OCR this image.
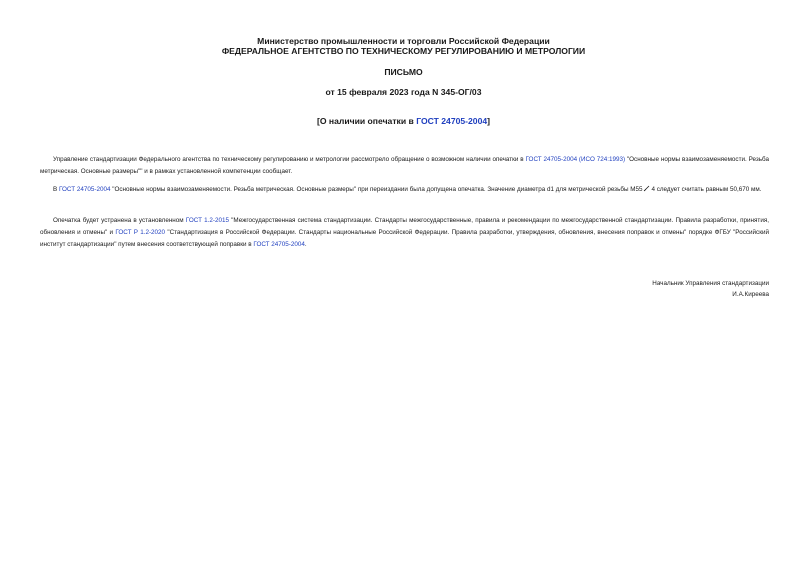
Министерство промышленности и торговли Российской Федерации
ФЕДЕРАЛЬНОЕ АГЕНТСТВО ПО ТЕХНИЧЕСКОМУ РЕГУЛИРОВАНИЮ И МЕТРОЛОГИИ
ПИСЬМО
от 15 февраля 2023 года N 345-ОГ/03
[О наличии опечатки в ГОСТ 24705-2004]
Управление стандартизации Федерального агентства по техническому регулированию и метрологии рассмотрело обращение о возможном наличии опечатки в ГОСТ 24705-2004 (ИСО 724:1993) "Основные нормы взаимозаменяемости. Резьба метрическая. Основные размеры"" и в рамках установленной компетенции сообщает.
В ГОСТ 24705-2004 "Основные нормы взаимозаменяемости. Резьба метрическая. Основные размеры" при переиздании была допущена опечатка. Значение диаметра d1 для метрической резьбы М55 4 следует считать равным 50,670 мм.
Опечатка будет устранена в установленном ГОСТ 1.2-2015 "Межгосударственная система стандартизации. Стандарты межгосударственные, правила и рекомендации по межгосударственной стандартизации. Правила разработки, принятия, обновления и отмены" и ГОСТ Р 1.2-2020 "Стандартизация в Российской Федерации. Стандарты национальные Российской Федерации. Правила разработки, утверждения, обновления, внесения поправок и отмены" порядке ФГБУ "Российский институт стандартизации" путем внесения соответствующей поправки в ГОСТ 24705-2004.
Начальник Управления стандартизации
И.А.Киреева
